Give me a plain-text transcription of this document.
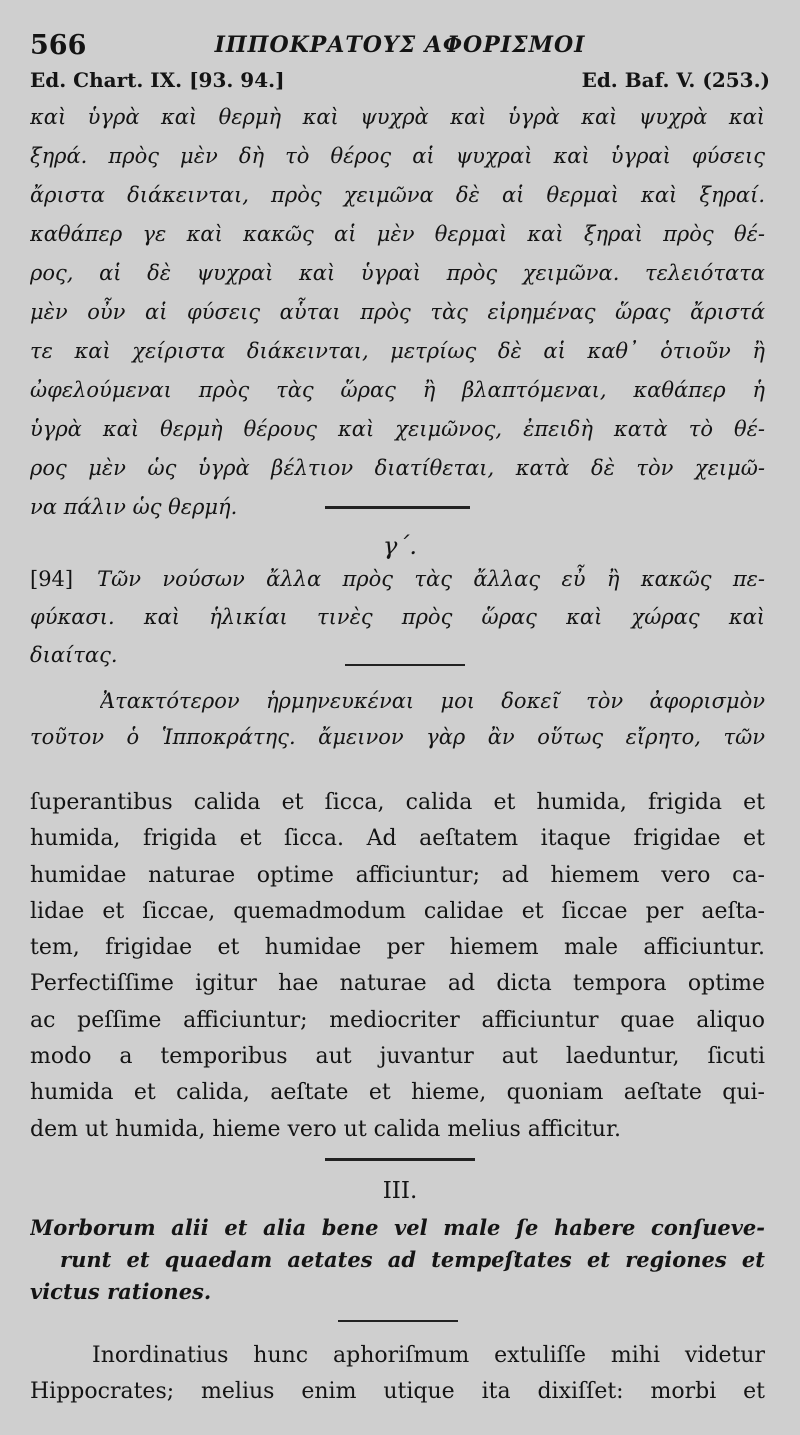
566	ΙΠΠΟΚΡΑΤΟΥΣ ΑΦΟΡΙΣΜΟΙ
Ed. Chart. IX. [93. 94.]	Ed. Baf. V. (253.)
καὶ ὑγρὰ καὶ θερμὴ καὶ ψυχρὰ καὶ ὑγρὰ καὶ ψυχρὰ καὶ
ξηρά. πρὸς μὲν δὴ τὸ θέρος αἱ ψυχραὶ καὶ ὑγραὶ φύσεις
ἄριστα διάκεινται, πρὸς χειμῶνα δὲ αἱ θερμαὶ καὶ ξηραί.
καθάπερ γε καὶ κακῶς αἱ μὲν θερμαὶ καὶ ξηραὶ πρὸς θέ-
ρος, αἱ δὲ ψυχραὶ καὶ ὑγραὶ πρὸς χειμῶνα. τελειότατα
μὲν οὖν αἱ φύσεις αὗται πρὸς τὰς εἰρημένας ὥρας ἄριστά
τε καὶ χείριστα διάκεινται, μετρίως δὲ αἱ καθ᾽ ὁτιοῦν ἢ
ὠφελούμεναι πρὸς τὰς ὥρας ἢ βλαπτόμεναι, καθάπερ ἡ
ὑγρὰ καὶ θερμὴ θέρους καὶ χειμῶνος, ἐπειδὴ κατὰ τὸ θέ-
ρος μὲν ὡς ὑγρὰ βέλτιον διατίθεται, κατὰ δὲ τὸν χειμῶ-
να πάλιν ὡς θερμή.
γ΄.
[94] Τῶν νούσων ἄλλα πρὸς τὰς ἄλλας εὖ ἢ κακῶς πε-
φύκασι. καὶ ἡλικίαι τινὲς πρὸς ὥρας καὶ χώρας καὶ
διαίτας.
Ἀτακτότερον ἡρμηνευκέναι μοι δοκεῖ τὸν ἀφορισμὸν
τοῦτον ὁ Ἱπποκράτης. ἄμεινον γὰρ ἂν οὕτως εἴρητο, τῶν
ſuperantibus calida et ſicca, calida et humida, frigida et
humida, frigida et ſicca. Ad aeſtatem itaque frigidae et
humidae naturae optime afficiuntur; ad hiemem vero ca-
lidae et ſiccae, quemadmodum calidae et ſiccae per aeſta-
tem, frigidae et humidae per hiemem male afficiuntur.
Perfectiſſime igitur hae naturae ad dicta tempora optime
ac peſſime afficiuntur; mediocriter afficiuntur quae aliquo
modo a temporibus aut juvantur aut laeduntur, ſicuti
humida et calida, aeſtate et hieme, quoniam aeſtate qui-
dem ut humida, hieme vero ut calida melius afficitur.
III.
Morborum alii et alia bene vel male ſe habere conſueve-
runt et quaedam aetates ad tempeſtates et regiones et
victus rationes.
Inordinatius hunc aphoriſmum extuliſſe mihi videtur
Hippocrates; melius enim utique ita dixiſſet: morbi et
